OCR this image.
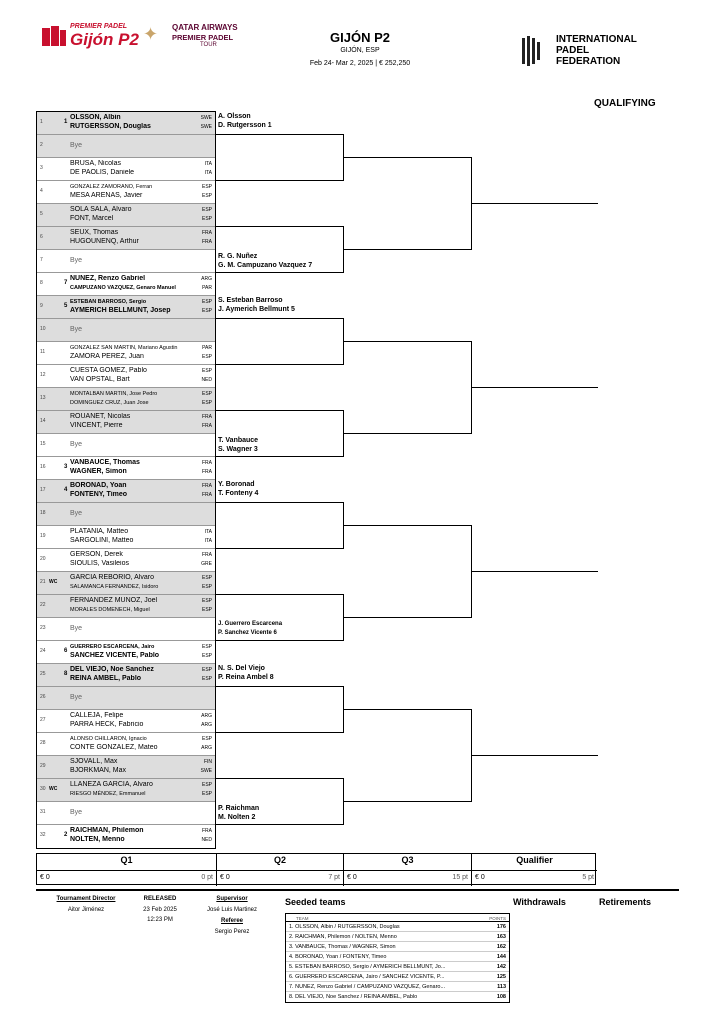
PREMIER PADEL
Gijón P2 ✦ QATAR AIRWAYS
PREMIER PADEL
TOUR	GIJÓN P2
GIJÓN, ESP
Feb 24- Mar 2, 2025 | € 252,250
INTERNATIONAL
PADEL
FEDERATION
QUALIFYING
1	1
OLSSON, Albin	SWE
RUTGERSSON, Douglas	SWE
2	Bye
3
BRUSA, Nicolas	ITA
DE PAOLIS, Daniele	ITA
4
GONZALEZ ZAMORANO, Ferran	ESP
MESA ARENAS, Javier	ESP
5
SOLA SALA, Alvaro	ESP
FONT, Marcel	ESP
6
SEUX, Thomas	FRA
HUGOUNENQ, Arthur	FRA
7	Bye
8	7
NUÑEZ, Renzo Gabriel	ARG
CAMPUZANO VAZQUEZ, Genaro Manuel	PAR
9	5
ESTEBAN BARROSO, Sergio	ESP
AYMERICH BELLMUNT, Josep	ESP
10	Bye
11
GONZALEZ SAN MARTIN, Mariano Agustin	PAR
ZAMORA PEREZ, Juan	ESP
12
CUESTA GOMEZ, Pablo	ESP
VAN OPSTAL, Bart	NED
13
MONTALBAN MARTIN, Jose Pedro	ESP
DOMINGUEZ CRUZ, Juan Jose	ESP
14
ROUANET, Nicolas	FRA
VINCENT, Pierre	FRA
15	Bye
16	3
VANBAUCE, Thomas	FRA
WAGNER, Simon	FRA
17	4
BORONAD, Yoan	FRA
FONTENY, Timeo	FRA
18	Bye
19
PLATANIA, Matteo	ITA
SARGOLINI, Matteo	ITA
20
GERSON, Derek	FRA
SIOULIS, Vasileios	GRE
21 WC
GARCÍA REBORIO, Alvaro	ESP
SALAMANCA FERNANDEZ, Isidoro	ESP
22
FERNANDEZ MUÑOZ, Joel	ESP
MORALES DOMENECH, Miguel	ESP
23	Bye
24	6
GUERRERO ESCARCENA, Jairo	ESP
SANCHEZ VICENTE, Pablo	ESP
25	8
DEL VIEJO, Noe Sanchez	ESP
REINA AMBEL, Pablo	ESP
26	Bye
27
CALLEJA, Felipe	ARG
PARRA HECK, Fabricio	ARG
28
ALONSO CHILLARON, Ignacio	ESP
CONTE GONZALEZ, Mateo	ARG
29
SJOVALL, Max	FIN
BJORKMAN, Max	SWE
30 WC
LLANEZA GARCIA, Alvaro	ESP
RIESGO MÉNDEZ, Emmanuel	ESP
31	Bye
32	2
RAICHMAN, Philemon	FRA
NOLTEN, Menno	NED
A. Olsson
D. Rutgersson 1
R. G. Nuñez
G. M. Campuzano Vazquez 7
S. Esteban Barroso
J. Aymerich Bellmunt 5
T. Vanbauce
S. Wagner 3
Y. Boronad
T. Fonteny 4
J. Guerrero Escarcena
P. Sanchez Vicente 6
N. S. Del Viejo
P. Reina Ambel 8
P. Raichman
M. Nolten 2
Q1
€ 0	0 pt
Q2
€ 0	7 pt
Q3
€ 0	15 pt
Qualifier
€ 0	5 pt
Tournament Director
Aitor Jiménez
RELEASED
23 Feb 2025
12:23 PM
Supervisor
José Luis Martinez
Referee
Sergio Perez
Seeded teams	Withdrawals	Retirements
TEAM	POINTS
1. OLSSON, Albin / RUTGERSSON, Douglas	176
2. RAICHMAN, Philemon / NOLTEN, Menno	163
3. VANBAUCE, Thomas / WAGNER, Simon	162
4. BORONAD, Yoan / FONTENY, Timeo	144
5. ESTEBAN BARROSO, Sergio / AYMERICH BELLMUNT, Jo...	142
6. GUERRERO ESCARCENA, Jairo / SANCHEZ VICENTE, P...	125
7. NUÑEZ, Renzo Gabriel / CAMPUZANO VAZQUEZ, Genaro...	113
8. DEL VIEJO, Noe Sanchez / REINA AMBEL, Pablo	108
